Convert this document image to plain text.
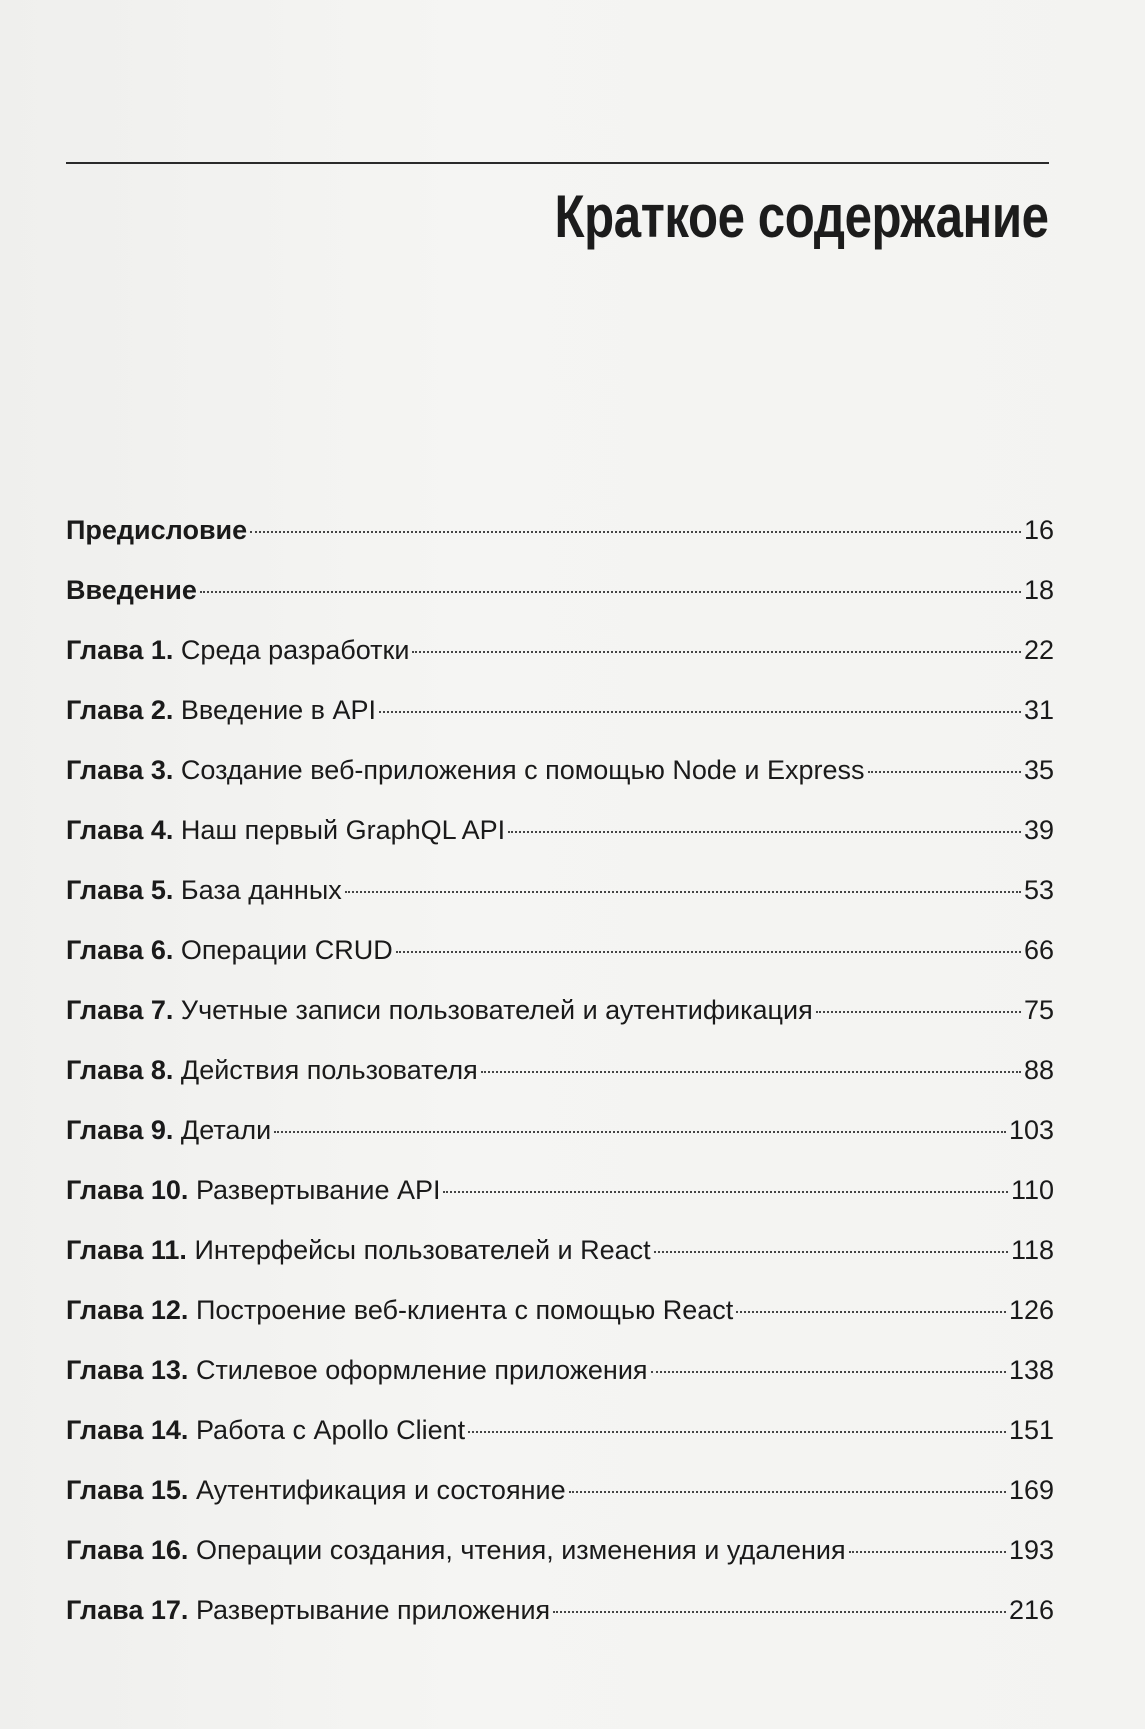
Краткое содержание
Предисловие	16
Введение	18
Глава 1. Среда разработки	22
Глава 2. Введение в API	31
Глава 3. Создание веб-приложения с помощью Node и Express	35
Глава 4. Наш первый GraphQL API	39
Глава 5. База данных	53
Глава 6. Операции CRUD	66
Глава 7. Учетные записи пользователей и аутентификация	75
Глава 8. Действия пользователя	88
Глава 9. Детали	103
Глава 10. Развертывание API	110
Глава 11. Интерфейсы пользователей и React	118
Глава 12. Построение веб-клиента с помощью React	126
Глава 13. Стилевое оформление приложения	138
Глава 14. Работа с Apollo Client	151
Глава 15. Аутентификация и состояние	169
Глава 16. Операции создания, чтения, изменения и удаления	193
Глава 17. Развертывание приложения	216
